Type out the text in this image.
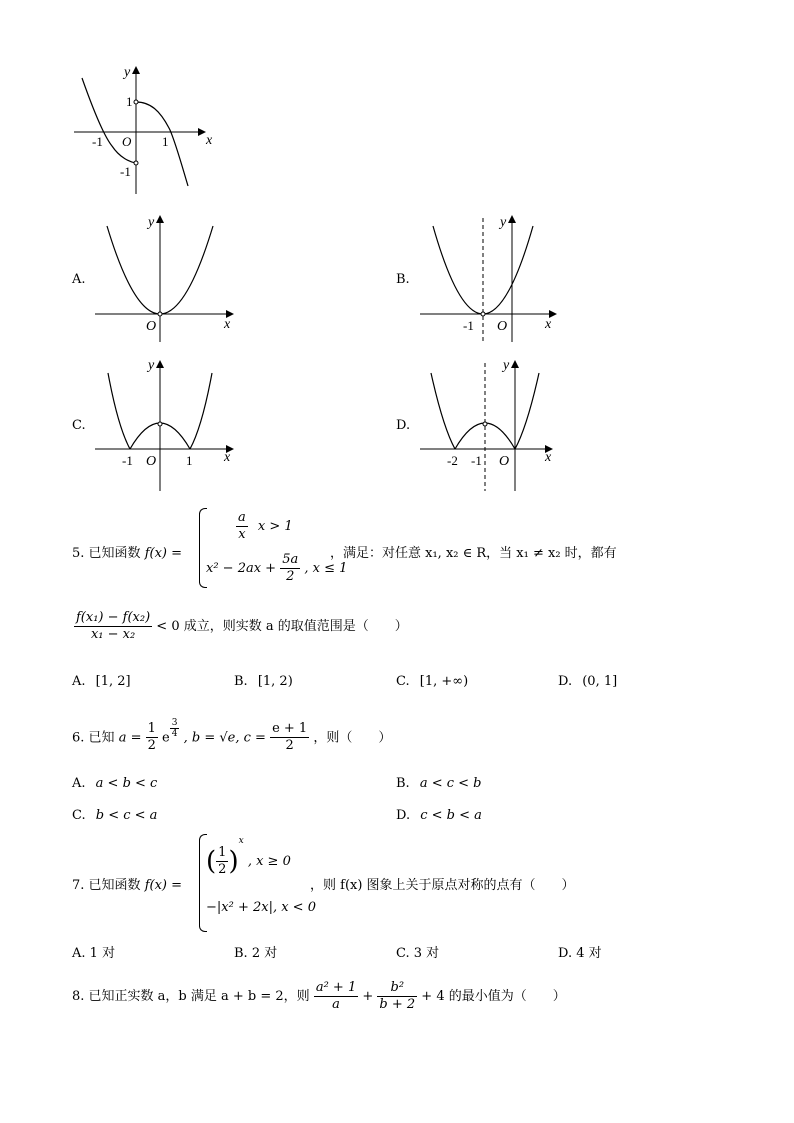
x
y
O
-1	1
1
-1
A.
x
y
O
B.
x
y
-1 O
C.
x
y
-1 O 1
D.
x
y
-2 -1 O
5. 已知函数 f(x) =
$\frac{a}{x}$ x > 1
$x^2 - 2ax + \frac{5a}{2}$ , x ≤ 1
，满足：对任意 x₁, x₂ ∈ R，当 x₁ ≠ x₂ 时，都有
$\frac{\text{f(x₁) − f(x₂)}}{\text{x₁ − x₂}} < 0$ 成立，则实数 a 的取值范围是（　　）
A. [1, 2]	B. [1, 2)	C. [1, +∞)	D. (0, 1]
6. 已知 $a = \frac{1}{2}$ e $\frac{3}{4}$ , b = √e, $c = \frac{e + 1}{2}$ ，则（　　）
A. a < b < c	B. a < c < b
C. b < c < a	D. c < b < a
7. 已知函数 f(x) =
( $\frac{1}{2} )^x$ , x ≥ 0
−|x² + 2x|, x < 0
，则 f(x) 图象上关于原点对称的点有（　　）
A. 1 对	B. 2 对	C. 3 对	D. 4 对
8. 已知正实数 a，b 满足 a + b = 2，则 $\frac{\text{a² + 1}}{a} + \frac{\text{b²}}{b + 2} + 4$ 的最小值为（　　）
